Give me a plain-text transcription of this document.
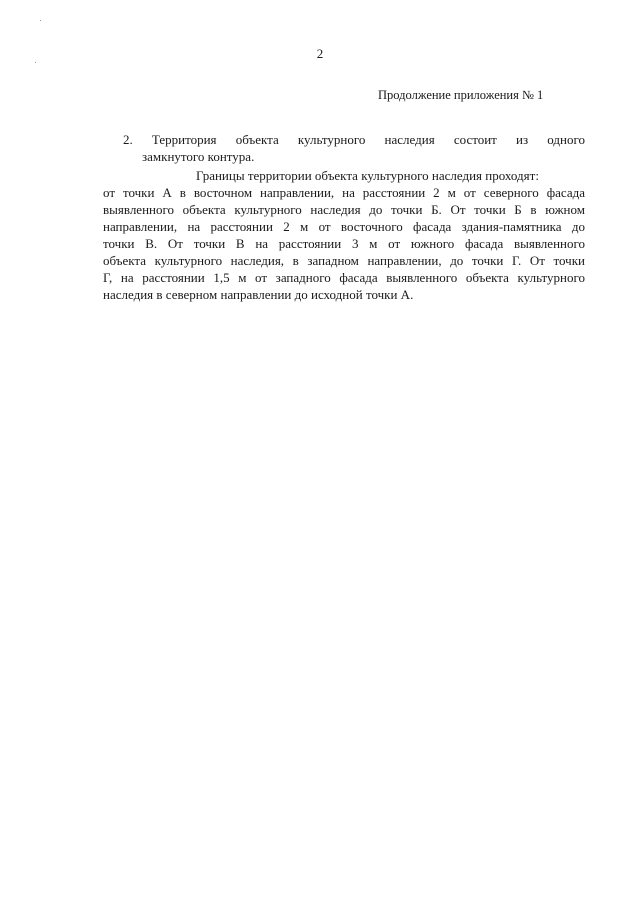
2
Продолжение приложения № 1
2. Территория объекта культурного наследия состоит из одного
замкнутого контура.
Границы территории объекта культурного наследия проходят:
от точки А в восточном направлении, на расстоянии 2 м от северного фасада
выявленного объекта культурного наследия до точки Б. От точки Б в южном
направлении, на расстоянии 2 м от восточного фасада здания-памятника до
точки В. От точки В на расстоянии 3 м от южного фасада выявленного
объекта культурного наследия, в западном направлении, до точки Г. От точки
Г, на расстоянии 1,5 м от западного фасада выявленного объекта культурного
наследия в северном направлении до исходной точки А.
